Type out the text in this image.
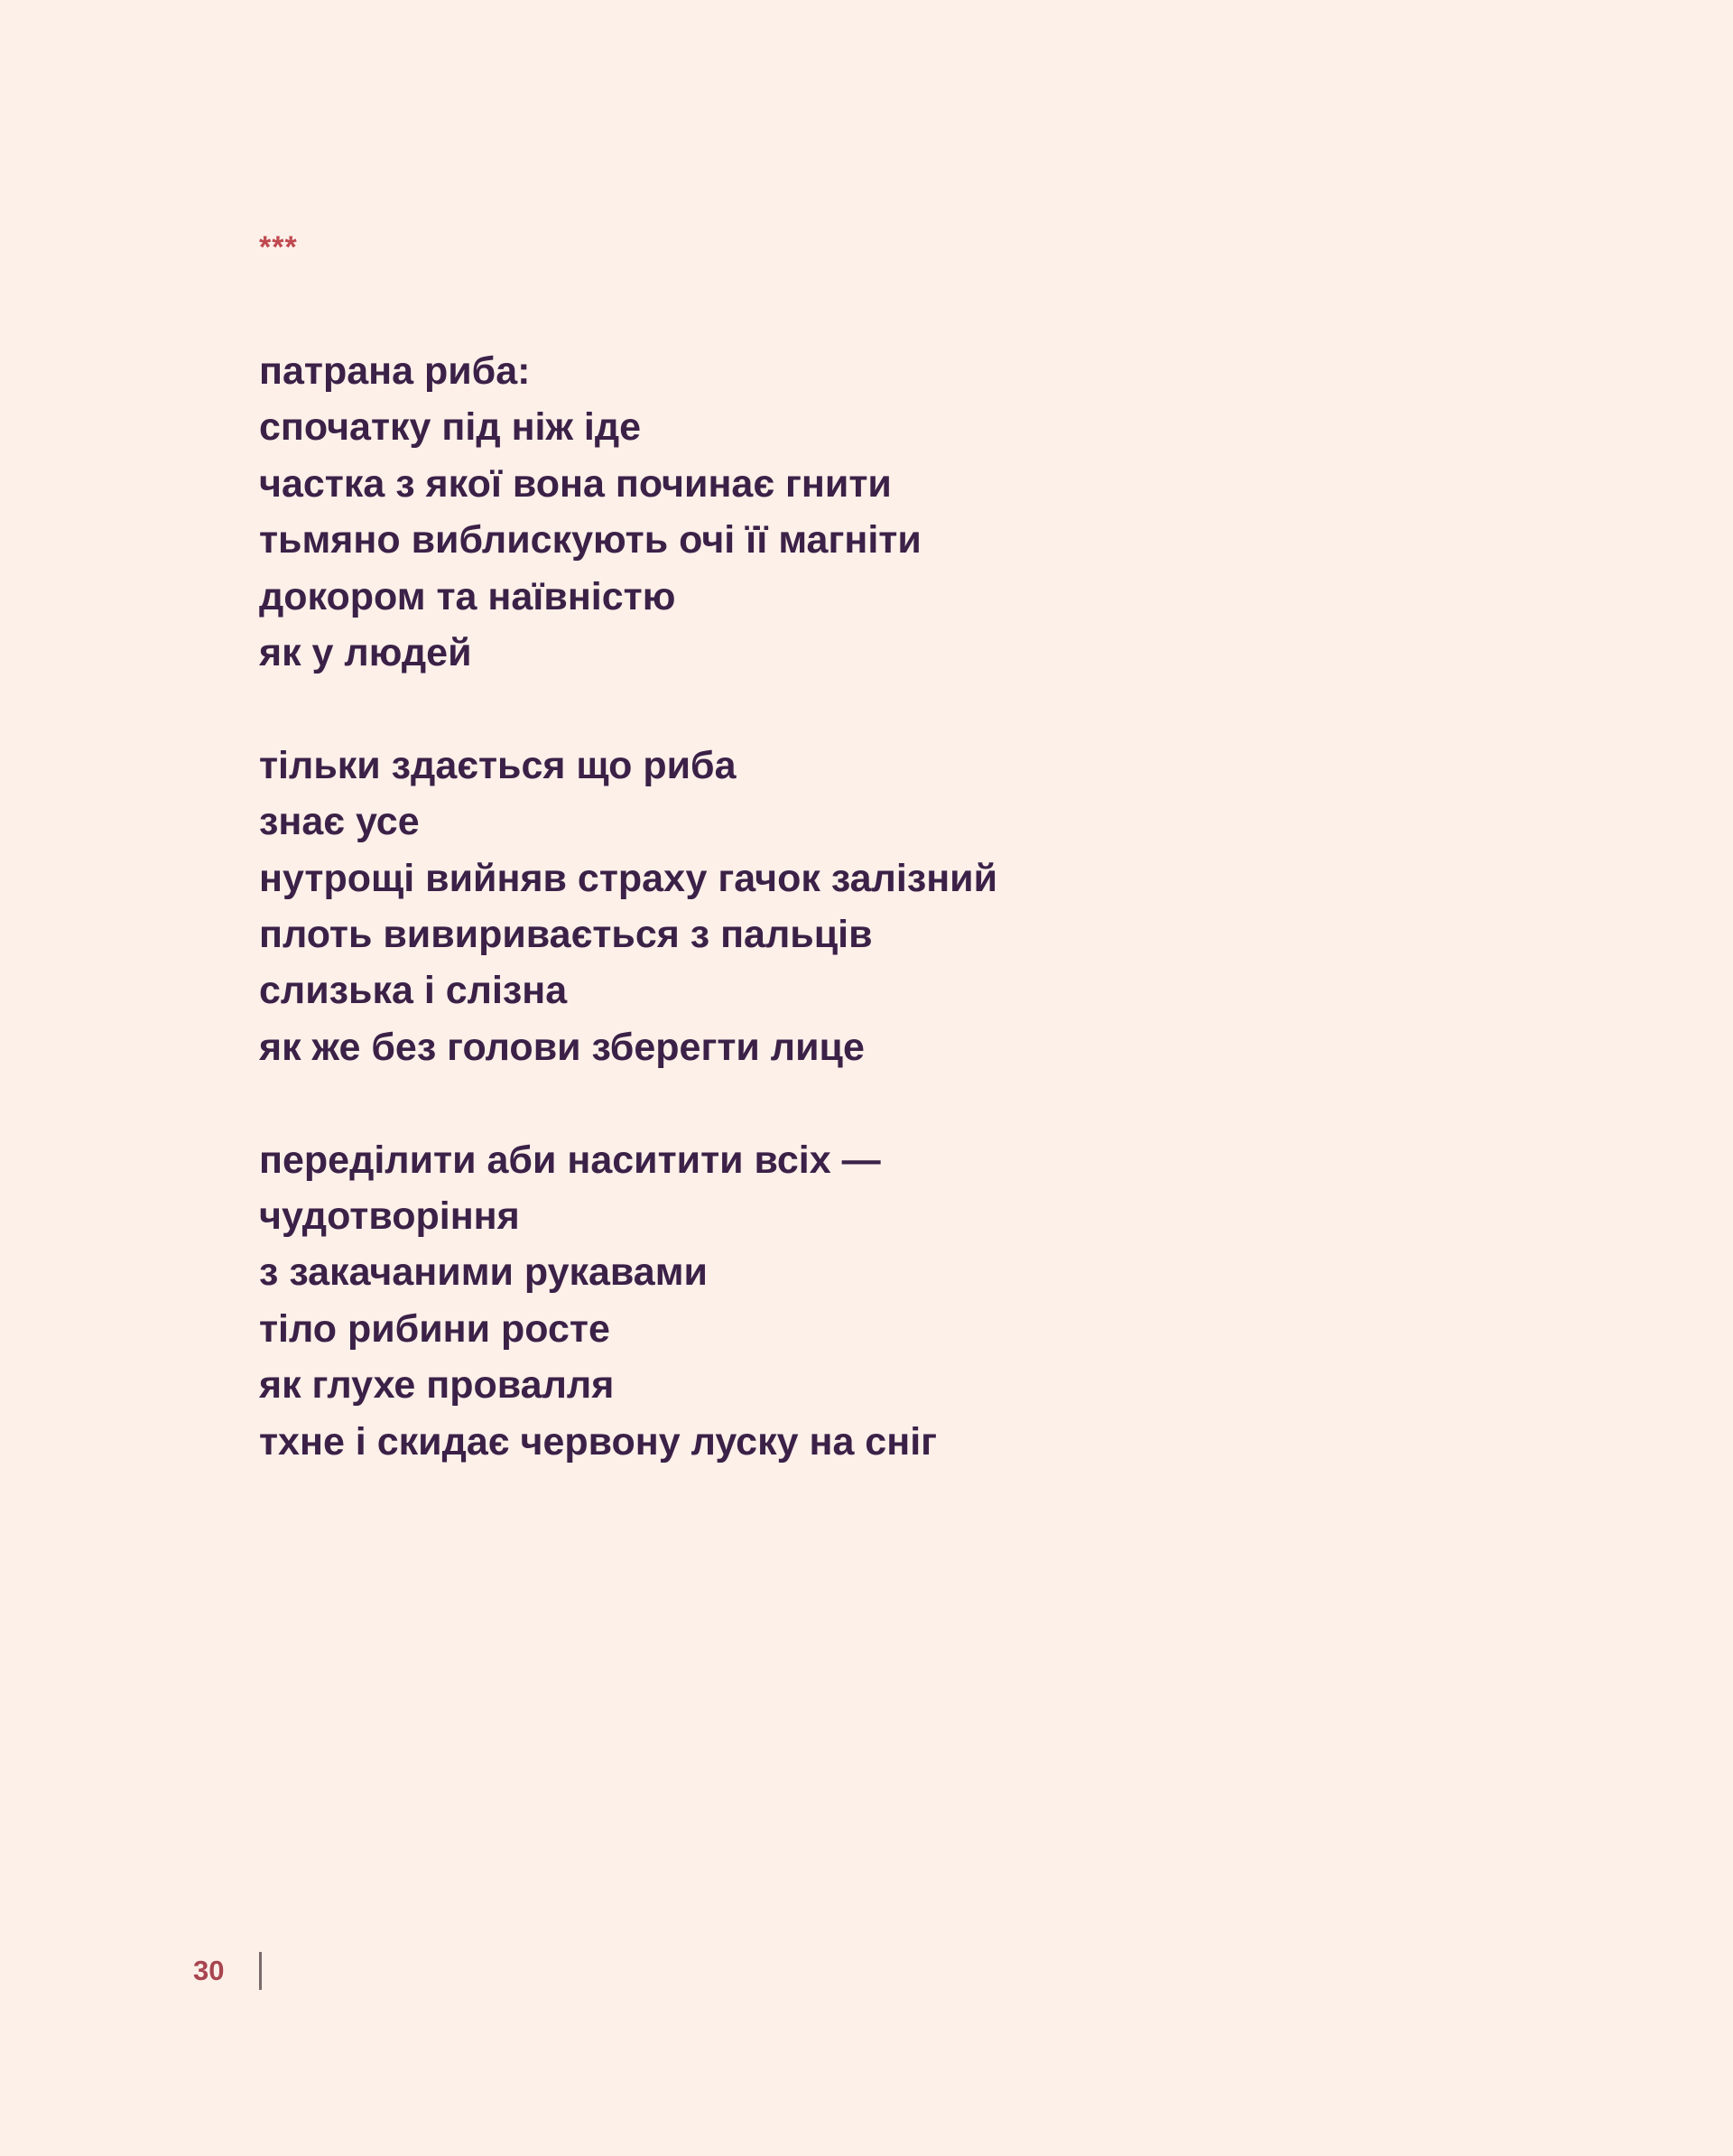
***
патрана риба:
спочатку під ніж іде
частка з якої вона починає гнити
тьмяно виблискують очі її магніти
докором та наївністю
як у людей
тільки здається що риба
знає усе
нутрощі вийняв страху гачок залізний
плоть вивиривається з пальців
слизька і слізна
як же без голови зберегти лице
переділити аби наситити всіх —
чудотворіння
з закачаними рукавами
тіло рибини росте
як глухе провалля
тхне і скидає червону луску на сніг
30
